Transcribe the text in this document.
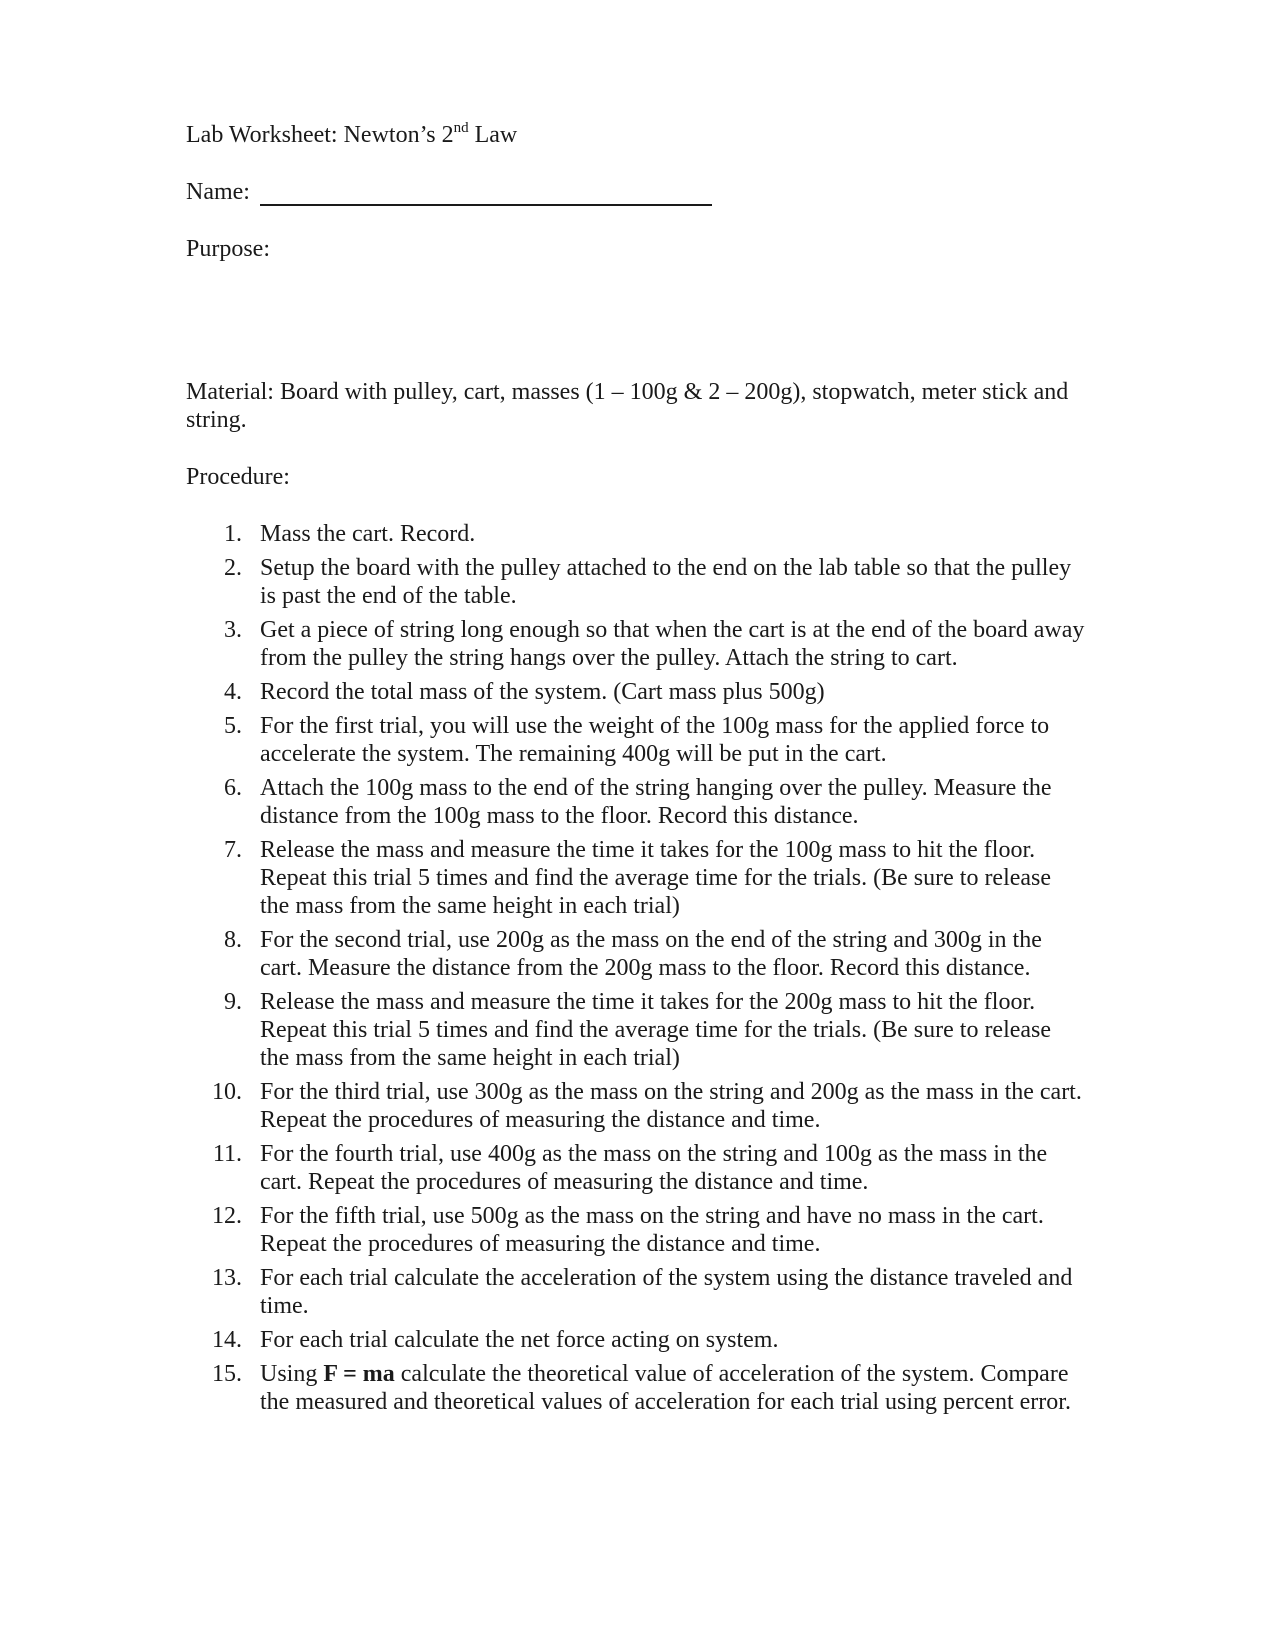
Lab Worksheet: Newton’s 2nd Law
Name:
Purpose:
Material: Board with pulley, cart, masses (1 – 100g & 2 – 200g), stopwatch, meter stick and string.
Procedure:
1. Mass the cart. Record.
2. Setup the board with the pulley attached to the end on the lab table so that the pulley is past the end of the table.
3. Get a piece of string long enough so that when the cart is at the end of the board away from the pulley the string hangs over the pulley. Attach the string to cart.
4. Record the total mass of the system. (Cart mass plus 500g)
5. For the first trial, you will use the weight of the 100g mass for the applied force to accelerate the system. The remaining 400g will be put in the cart.
6. Attach the 100g mass to the end of the string hanging over the pulley. Measure the distance from the 100g mass to the floor. Record this distance.
7. Release the mass and measure the time it takes for the 100g mass to hit the floor. Repeat this trial 5 times and find the average time for the trials. (Be sure to release the mass from the same height in each trial)
8. For the second trial, use 200g as the mass on the end of the string and 300g in the cart. Measure the distance from the 200g mass to the floor. Record this distance.
9. Release the mass and measure the time it takes for the 200g mass to hit the floor. Repeat this trial 5 times and find the average time for the trials. (Be sure to release the mass from the same height in each trial)
10. For the third trial, use 300g as the mass on the string and 200g as the mass in the cart. Repeat the procedures of measuring the distance and time.
11. For the fourth trial, use 400g as the mass on the string and 100g as the mass in the cart. Repeat the procedures of measuring the distance and time.
12. For the fifth trial, use 500g as the mass on the string and have no mass in the cart. Repeat the procedures of measuring the distance and time.
13. For each trial calculate the acceleration of the system using the distance traveled and time.
14. For each trial calculate the net force acting on system.
15. Using F = ma calculate the theoretical value of acceleration of the system. Compare the measured and theoretical values of acceleration for each trial using percent error.
